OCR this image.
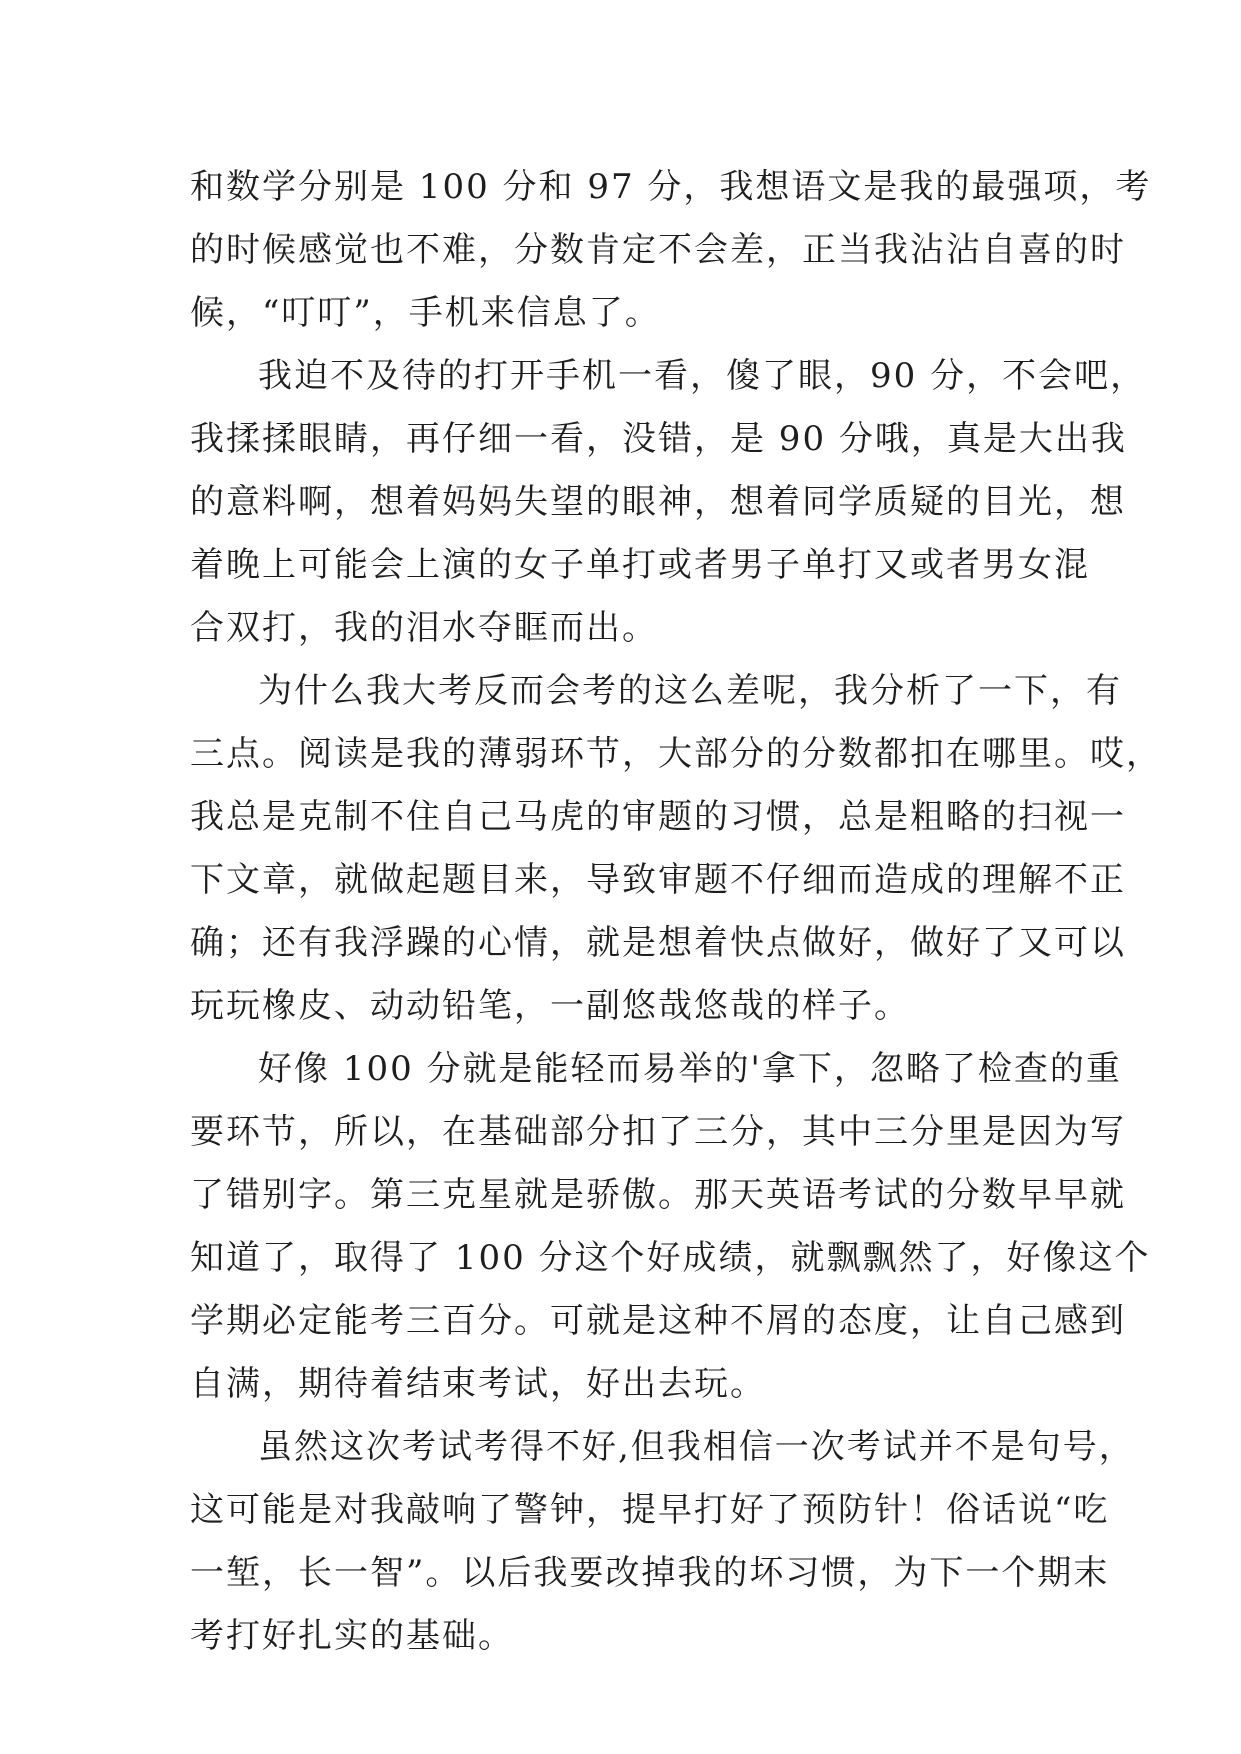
和数学分别是 100 分和 97 分，我想语文是我的最强项，考
的时候感觉也不难，分数肯定不会差，正当我沾沾自喜的时
候，“叮叮”，手机来信息了。
我迫不及待的打开手机一看，傻了眼，90 分，不会吧，
我揉揉眼睛，再仔细一看，没错，是 90 分哦，真是大出我
的意料啊，想着妈妈失望的眼神，想着同学质疑的目光，想
着晚上可能会上演的女子单打或者男子单打又或者男女混
合双打，我的泪水夺眶而出。
为什么我大考反而会考的这么差呢，我分析了一下，有
三点。阅读是我的薄弱环节，大部分的分数都扣在哪里。哎，
我总是克制不住自己马虎的审题的习惯，总是粗略的扫视一
下文章，就做起题目来，导致审题不仔细而造成的理解不正
确；还有我浮躁的心情，就是想着快点做好，做好了又可以
玩玩橡皮、动动铅笔，一副悠哉悠哉的样子。
好像 100 分就是能轻而易举的'拿下，忽略了检查的重
要环节，所以，在基础部分扣了三分，其中三分里是因为写
了错别字。第三克星就是骄傲。那天英语考试的分数早早就
知道了，取得了 100 分这个好成绩，就飘飘然了，好像这个
学期必定能考三百分。可就是这种不屑的态度，让自己感到
自满，期待着结束考试，好出去玩。
虽然这次考试考得不好,但我相信一次考试并不是句号，
这可能是对我敲响了警钟，提早打好了预防针！俗话说“吃
一堑，长一智”。以后我要改掉我的坏习惯，为下一个期末
考打好扎实的基础。
